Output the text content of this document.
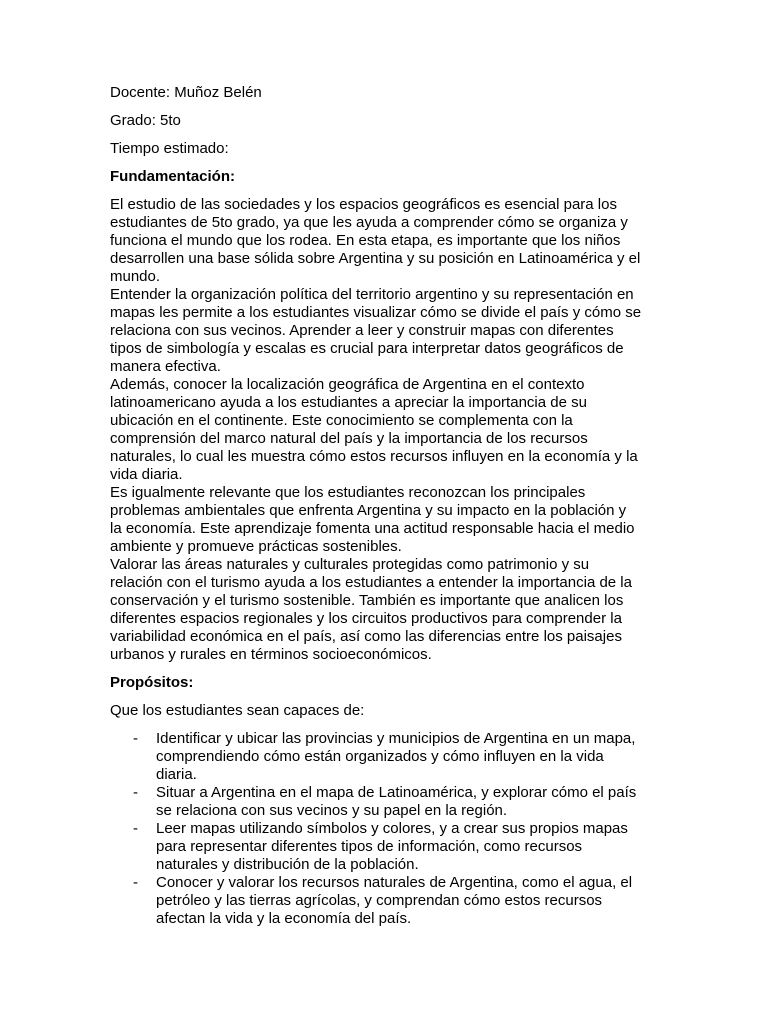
Docente: Muñoz Belén

Grado: 5to

Tiempo estimado:

Fundamentación:

El estudio de las sociedades y los espacios geográficos es esencial para los

estudiantes de 5to grado, ya que les ayuda a comprender cómo se organiza y

funciona el mundo que los rodea. En esta etapa, es importante que los niños

desarrollen una base sólida sobre Argentina y su posición en Latinoamérica y el

mundo.

Entender la organización política del territorio argentino y su representación en

mapas les permite a los estudiantes visualizar cómo se divide el país y cómo se

relaciona con sus vecinos. Aprender a leer y construir mapas con diferentes

tipos de simbología y escalas es crucial para interpretar datos geográficos de

manera efectiva.

Además, conocer la localización geográfica de Argentina en el contexto

latinoamericano ayuda a los estudiantes a apreciar la importancia de su

ubicación en el continente. Este conocimiento se complementa con la

comprensión del marco natural del país y la importancia de los recursos

naturales, lo cual les muestra cómo estos recursos influyen en la economía y la

vida diaria.

Es igualmente relevante que los estudiantes reconozcan los principales

problemas ambientales que enfrenta Argentina y su impacto en la población y

la economía. Este aprendizaje fomenta una actitud responsable hacia el medio

ambiente y promueve prácticas sostenibles.

Valorar las áreas naturales y culturales protegidas como patrimonio y su

relación con el turismo ayuda a los estudiantes a entender la importancia de la

conservación y el turismo sostenible. También es importante que analicen los

diferentes espacios regionales y los circuitos productivos para comprender la

variabilidad económica en el país, así como las diferencias entre los paisajes

urbanos y rurales en términos socioeconómicos.

Propósitos:

Que los estudiantes sean capaces de:

- Identificar y ubicar las provincias y municipios de Argentina en un mapa,

comprendiendo cómo están organizados y cómo influyen en la vida

diaria.

- Situar a Argentina en el mapa de Latinoamérica, y explorar cómo el país

se relaciona con sus vecinos y su papel en la región.

- Leer mapas utilizando símbolos y colores, y a crear sus propios mapas

para representar diferentes tipos de información, como recursos

naturales y distribución de la población.

- Conocer y valorar los recursos naturales de Argentina, como el agua, el

petróleo y las tierras agrícolas, y comprendan cómo estos recursos

afectan la vida y la economía del país.
